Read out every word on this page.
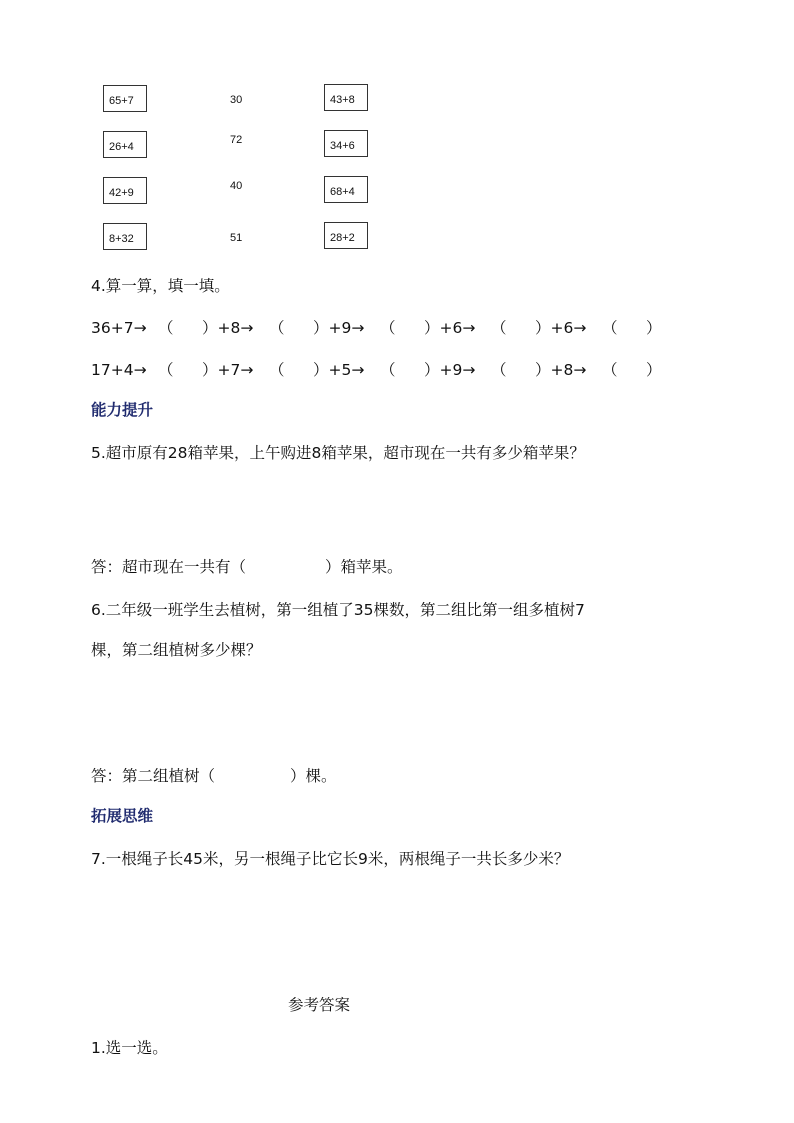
65+7
26+4
42+9
8+32
30
72
40
51
43+8
34+6
68+4
28+2
4.算一算，填一填。
36+7→ （ ）+8→ （ ）+9→ （ ）+6→ （ ）+6→ （ ）
17+4→ （ ）+7→ （ ）+5→ （ ）+9→ （ ）+8→ （ ）
能力提升
5.超市原有28箱苹果，上午购进8箱苹果，超市现在一共有多少箱苹果？
答：超市现在一共有（	）箱苹果。
6.二年级一班学生去植树，第一组植了35棵数，第二组比第一组多植树7
棵，第二组植树多少棵？
答：第二组植树（	）棵。
拓展思维
7.一根绳子长45米，另一根绳子比它长9米，两根绳子一共长多少米？
参考答案
1.选一选。
